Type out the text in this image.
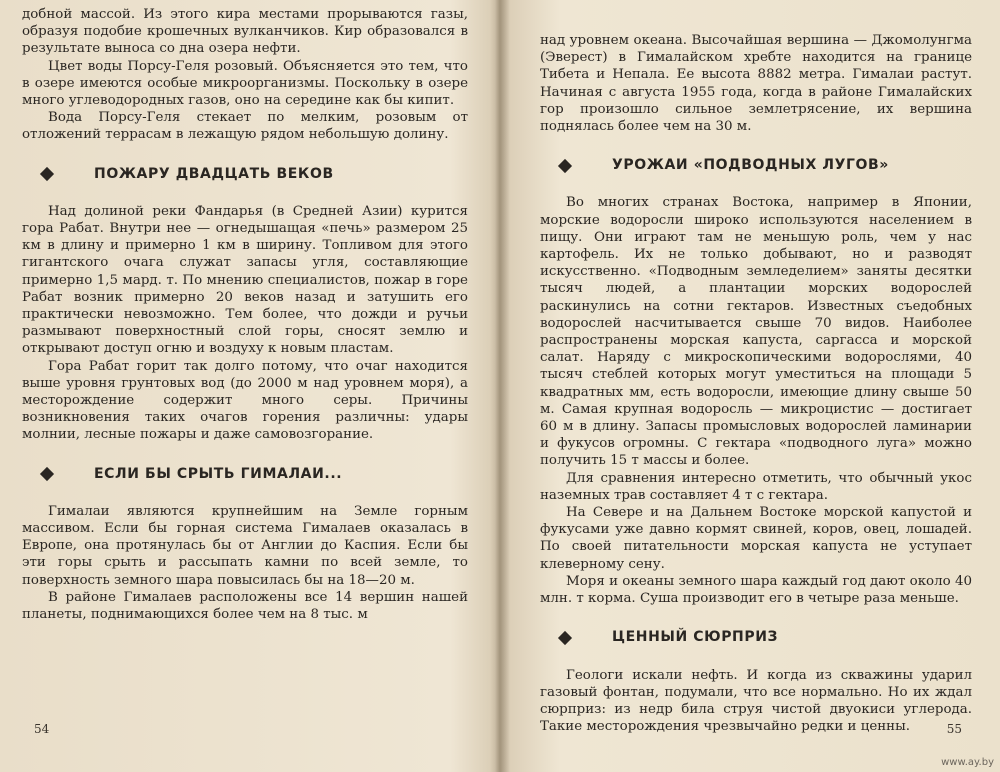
добной массой. Из этого кира местами прорываются газы, образуя подобие крошечных вулканчиков. Кир образовался в результате выноса со дна озера нефти.

Цвет воды Порсу-Геля розовый. Объясняется это тем, что в озере имеются особые микроорганизмы. Поскольку в озере много углеводородных газов, оно на середине как бы кипит.

Вода Порсу-Геля стекает по мелким, розовым от отложений террасам в лежащую рядом небольшую долину.

ПОЖАРУ ДВАДЦАТЬ ВЕКОВ

Над долиной реки Фандарья (в Средней Азии) курится гора Рабат. Внутри нее — огнедышащая «печь» размером 25 км в длину и примерно 1 км в ширину. Топливом для этого гигантского очага служат запасы угля, составляющие примерно 1,5 мард. т. По мнению специалистов, пожар в горе Рабат возник примерно 20 веков назад и затушить его практически невозможно. Тем более, что дожди и ручьи размывают поверхностный слой горы, сносят землю и открывают доступ огню и воздуху к новым пластам.

Гора Рабат горит так долго потому, что очаг находится выше уровня грунтовых вод (до 2000 м над уровнем моря), а месторождение содержит много серы. Причины возникновения таких очагов горения различны: удары молнии, лесные пожары и даже самовозгорание.

ЕСЛИ БЫ СРЫТЬ ГИМАЛАИ...

Гималаи являются крупнейшим на Земле горным массивом. Если бы горная система Гималаев оказалась в Европе, она протянулась бы от Англии до Каспия. Если бы эти горы срыть и рассыпать камни по всей земле, то поверхность земного шара повысилась бы на 18—20 м.

В районе Гималаев расположены все 14 вершин нашей планеты, поднимающихся более чем на 8 тыс. м

54

над уровнем океана. Высочайшая вершина — Джомолунгма (Эверест) в Гималайском хребте находится на границе Тибета и Непала. Ее высота 8882 метра. Гималаи растут. Начиная с августа 1955 года, когда в районе Гималайских гор произошло сильное землетрясение, их вершина поднялась более чем на 30 м.

УРОЖАИ «ПОДВОДНЫХ ЛУГОВ»

Во многих странах Востока, например в Японии, морские водоросли широко используются населением в пищу. Они играют там не меньшую роль, чем у нас картофель. Их не только добывают, но и разводят искусственно. «Подводным земледелием» заняты десятки тысяч людей, а плантации морских водорослей раскинулись на сотни гектаров. Известных съедобных водорослей насчитывается свыше 70 видов. Наиболее распространены морская капуста, саргасса и морской салат. Наряду с микроскопическими водорослями, 40 тысяч стеблей которых могут уместиться на площади 5 квадратных мм, есть водоросли, имеющие длину свыше 50 м. Самая крупная водоросль — микроцистис — достигает 60 м в длину. Запасы промысловых водорослей ламинарии и фукусов огромны. С гектара «подводного луга» можно получить 15 т массы и более.

Для сравнения интересно отметить, что обычный укос наземных трав составляет 4 т с гектара.

На Севере и на Дальнем Востоке морской капустой и фукусами уже давно кормят свиней, коров, овец, лошадей. По своей питательности морская капуста не уступает клеверному сену.

Моря и океаны земного шара каждый год дают около 40 млн. т корма. Суша производит его в четыре раза меньше.

ЦЕННЫЙ СЮРПРИЗ

Геологи искали нефть. И когда из скважины ударил газовый фонтан, подумали, что все нормально. Но их ждал сюрприз: из недр била струя чистой двуокиси углерода. Такие месторождения чрезвычайно редки и ценны.	55
www.ay.by
